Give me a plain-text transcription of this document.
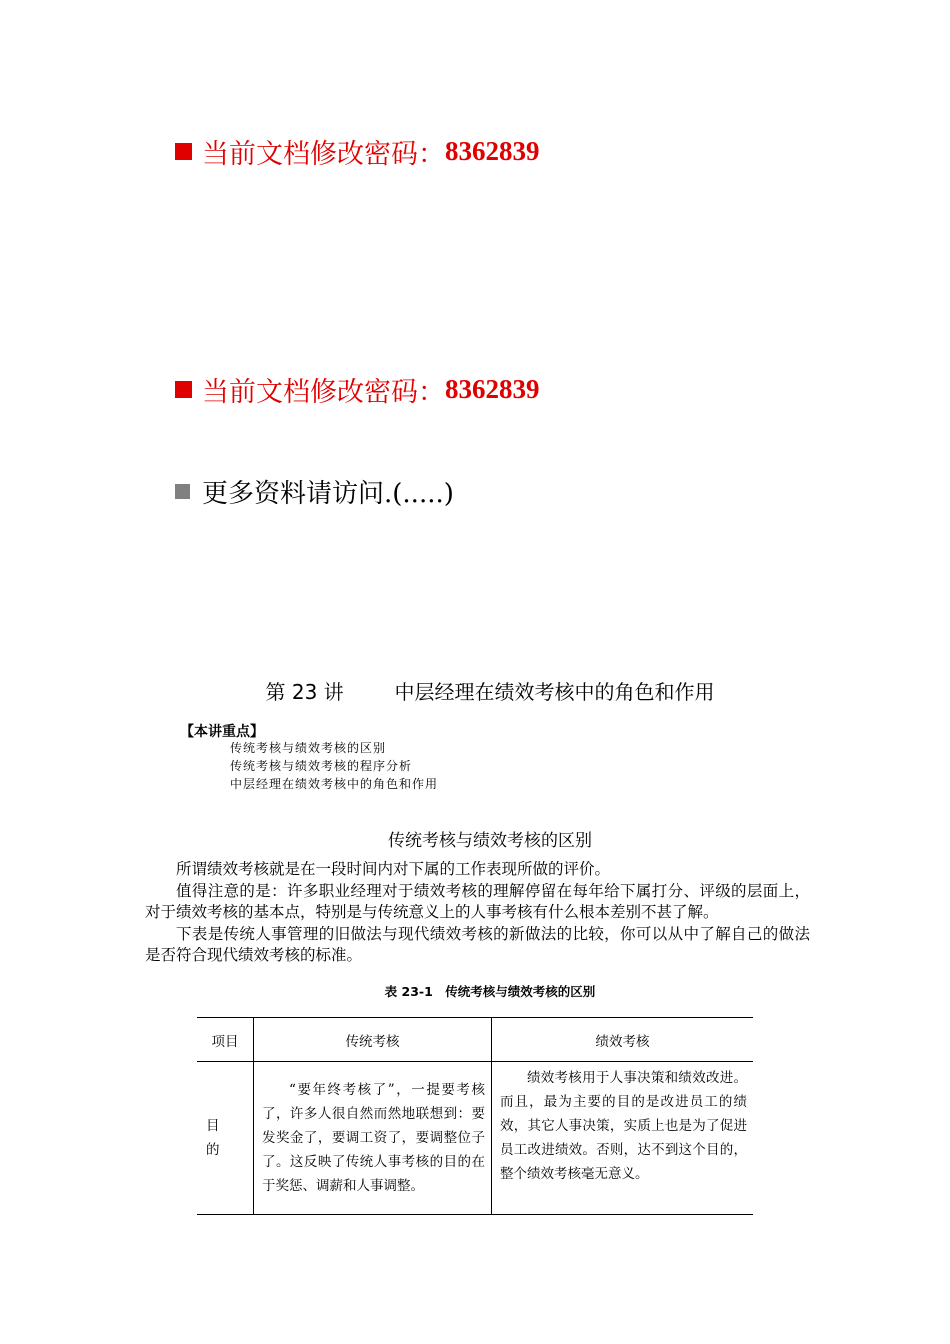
当前文档修改密码： 8362839
当前文档修改密码： 8362839
更多资料请访问.(.....)
第 23 讲        中层经理在绩效考核中的角色和作用
【本讲重点】
传统考核与绩效考核的区别
传统考核与绩效考核的程序分析
中层经理在绩效考核中的角色和作用
传统考核与绩效考核的区别

所谓绩效考核就是在一段时间内对下属的工作表现所做的评价。

值得注意的是：许多职业经理对于绩效考核的理解停留在每年给下属打分、评级的层面上，对于绩效考核的基本点，特别是与传统意义上的人事考核有什么根本差别不甚了解。

下表是传统人事管理的旧做法与现代绩效考核的新做法的比较，你可以从中了解自己的做法是否符合现代绩效考核的标准。

表 23-1　传统考核与绩效考核的区别
项目	传统考核	绩效考核

目
的	“要年终考核了”，一提要考核了，许多人很自然而然地联想到：要发奖金了，要调工资了，要调整位子了。这反映了传统人事考核的目的在于奖惩、调薪和人事调整。	绩效考核用于人事决策和绩效改进。而且，最为主要的目的是改进员工的绩效，其它人事决策，实质上也是为了促进员工改进绩效。否则，达不到这个目的，整个绩效考核毫无意义。
